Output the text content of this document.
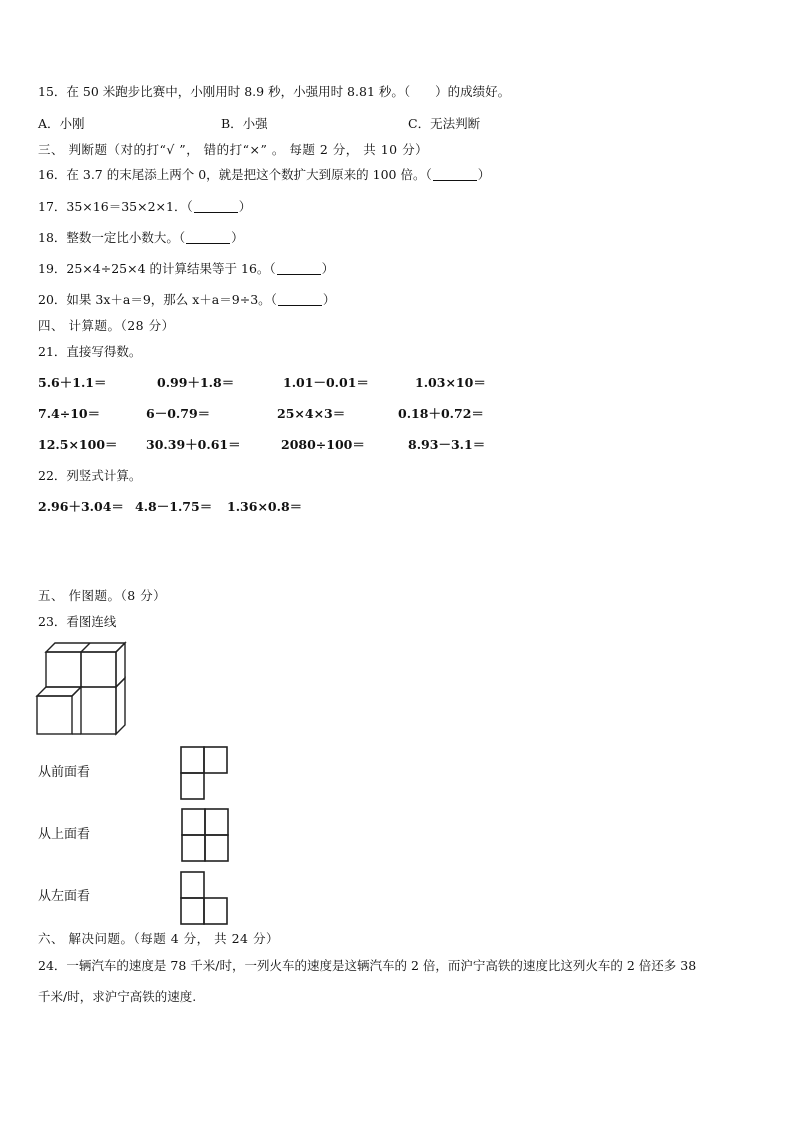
15．在 50 米跑步比赛中，小刚用时 8.9 秒，小强用时 8.81 秒。（　　）的成绩好。
A．小刚	B．小强	C．无法判断
三、 判断题（对的打“√ ”， 错的打“×” 。 每题 2 分， 共 10 分）
16．在 3.7 的末尾添上两个 0，就是把这个数扩大到原来的 100 倍。（	）
17．35×16＝35×2×1．（	）
18．整数一定比小数大。（	）
19．25×4÷25×4 的计算结果等于 16。（	）
20．如果 3x＋a＝9，那么 x＋a＝9÷3。（	）
四、 计算题。（28 分）
21．直接写得数。
5.6＋1.1＝	0.99＋1.8＝	1.01－0.01＝	1.03×10＝
7.4÷10＝	6－0.79＝	25×4×3＝	0.18＋0.72＝
12.5×100＝ 30.39＋0.61＝	2080÷100＝	8.93－3.1＝
22．列竖式计算。
2.96＋3.04＝ 4.8－1.75＝ 1.36×0.8＝
五、 作图题。（8 分）
23．看图连线
从前面看
从上面看
从左面看
六、 解决问题。（每题 4 分， 共 24 分）
24．一辆汽车的速度是 78 千米/时，一列火车的速度是这辆汽车的 2 倍，而沪宁高铁的速度比这列火车的 2 倍还多 38
千米/时，求沪宁高铁的速度.
